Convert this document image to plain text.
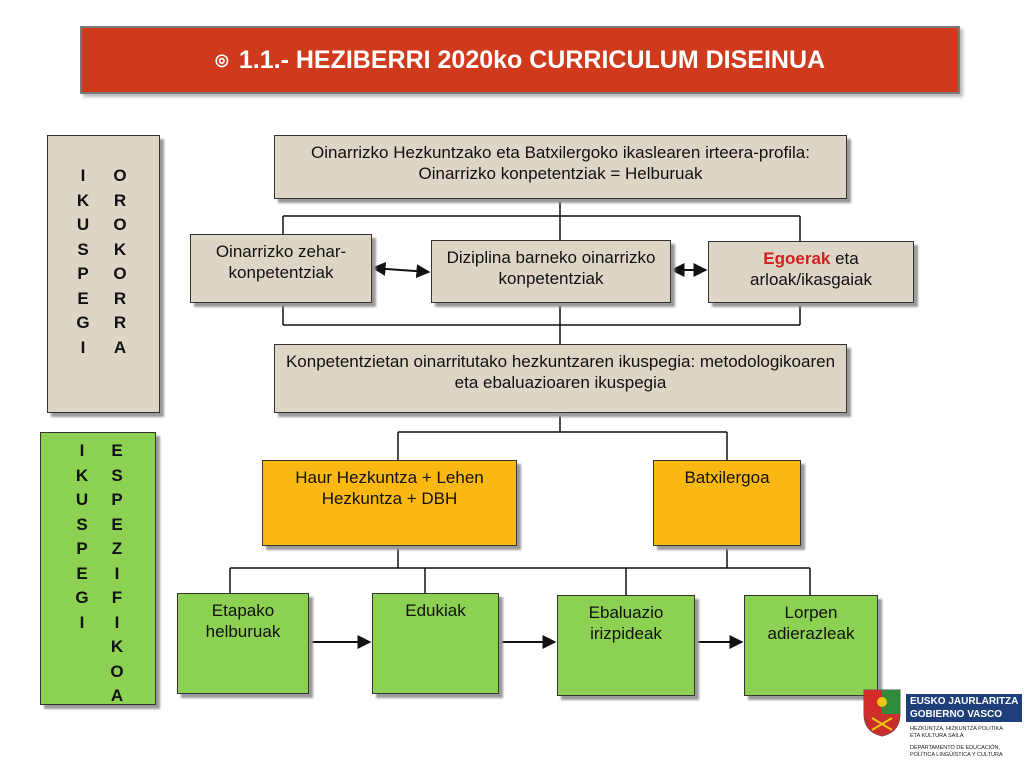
◎ 1.1.- HEZIBERRI 2020ko CURRICULUM DISEINUA
I
K
U
S
P
E
G
I
O
R
O
K
O
R
R
A
I
K
U
S
P
E
G
I
E
S
P
E
Z
I
F
I
K
O
A
Oinarrizko Hezkuntzako eta Batxilergoko ikaslearen irteera-profila: Oinarrizko konpetentziak = Helburuak
Oinarrizko zehar-konpetentziak
Diziplina barneko oinarrizko konpetentziak
Egoerak eta arloak/ikasgaiak
Konpetentzietan oinarritutako hezkuntzaren ikuspegia: metodologikoaren eta ebaluazioaren ikuspegia
Haur Hezkuntza + Lehen Hezkuntza + DBH
Batxilergoa
Etapako helburuak
Edukiak	Ebaluazio irizpideak
Lorpen adierazleak
EUSKO JAURLARITZA
GOBIERNO VASCO
HEZKUNTZA, HIZKUNTZA POLITIKA
ETA KULTURA SAILA
DEPARTAMENTO DE EDUCACIÓN,
POLÍTICA LINGÜÍSTICA Y CULTURA
